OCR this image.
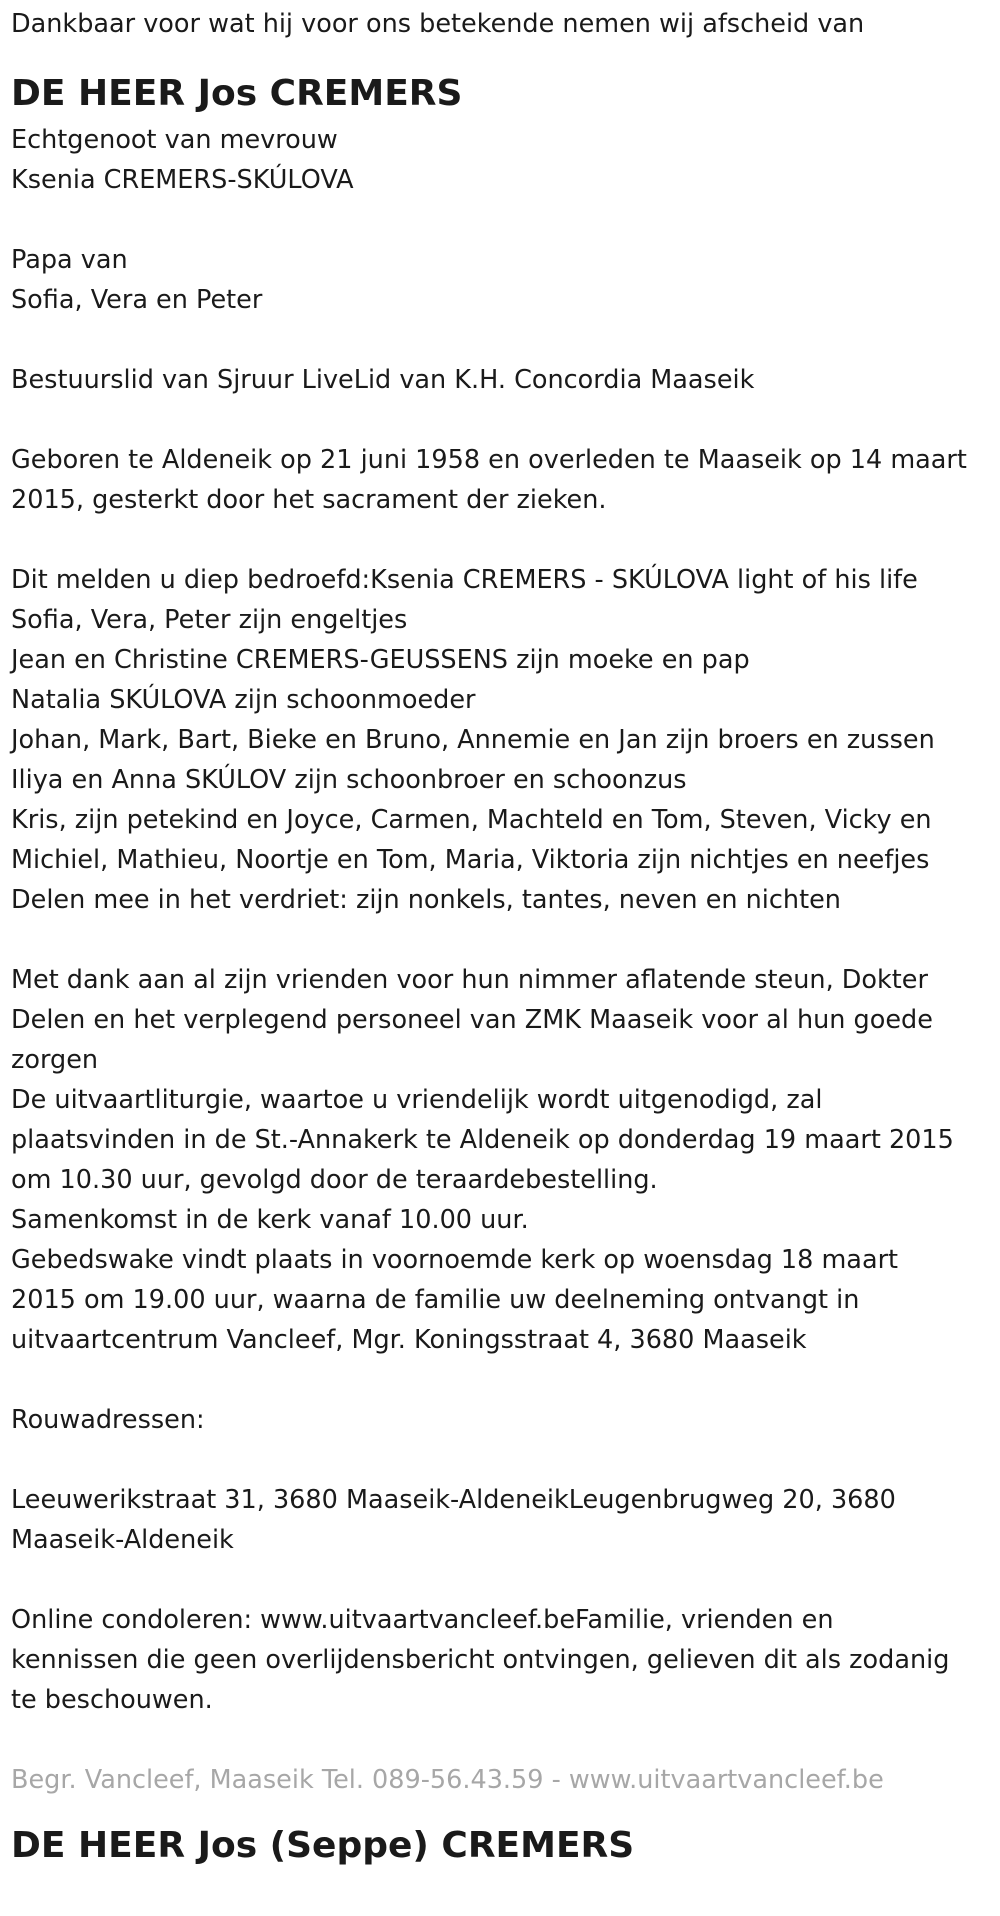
Dankbaar voor wat hij voor ons betekende nemen wij afscheid van

DE HEER Jos CREMERS

Echtgenoot van mevrouw

Ksenia CREMERS-SKÚLOVA

Papa van

Sofia, Vera en Peter

Bestuurslid van Sjruur LiveLid van K.H. Concordia Maaseik

Geboren te Aldeneik op 21 juni 1958 en overleden te Maaseik op 14 maart

2015, gesterkt door het sacrament der zieken.

Dit melden u diep bedroefd:Ksenia CREMERS - SKÚLOVA light of his life

Sofia, Vera, Peter zijn engeltjes

Jean en Christine CREMERS-GEUSSENS zijn moeke en pap

Natalia SKÚLOVA zijn schoonmoeder

Johan, Mark, Bart, Bieke en Bruno, Annemie en Jan zijn broers en zussen

Iliya en Anna SKÚLOV zijn schoonbroer en schoonzus

Kris, zijn petekind en Joyce, Carmen, Machteld en Tom, Steven, Vicky en

Michiel, Mathieu, Noortje en Tom, Maria, Viktoria zijn nichtjes en neefjes

Delen mee in het verdriet: zijn nonkels, tantes, neven en nichten

Met dank aan al zijn vrienden voor hun nimmer aflatende steun, Dokter

Delen en het verplegend personeel van ZMK Maaseik voor al hun goede

zorgen

De uitvaartliturgie, waartoe u vriendelijk wordt uitgenodigd, zal

plaatsvinden in de St.-Annakerk te Aldeneik op donderdag 19 maart 2015

om 10.30 uur, gevolgd door de teraardebestelling.

Samenkomst in de kerk vanaf 10.00 uur.

Gebedswake vindt plaats in voornoemde kerk op woensdag 18 maart

2015 om 19.00 uur, waarna de familie uw deelneming ontvangt in

uitvaartcentrum Vancleef, Mgr. Koningsstraat 4, 3680 Maaseik

Rouwadressen:

Leeuwerikstraat 31, 3680 Maaseik-AldeneikLeugenbrugweg 20, 3680

Maaseik-Aldeneik

Online condoleren: www.uitvaartvancleef.beFamilie, vrienden en

kennissen die geen overlijdensbericht ontvingen, gelieven dit als zodanig

te beschouwen.

Begr. Vancleef, Maaseik Tel. 089-56.43.59 - www.uitvaartvancleef.be

DE HEER Jos (Seppe) CREMERS
